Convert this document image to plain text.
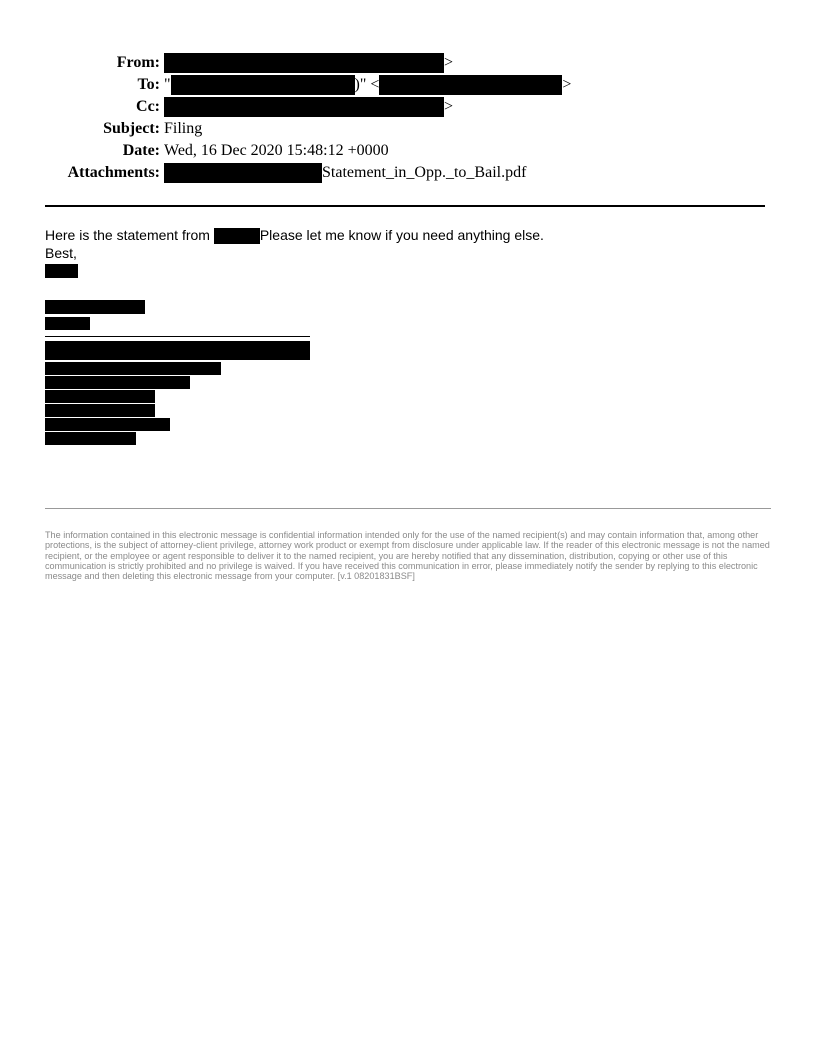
From:	>
To: "	)" <	>
Cc:	>
Subject: Filing
Date: Wed, 16 Dec 2020 15:48:12 +0000
Attachments:	Statement_in_Opp._to_Bail.pdf
Here is the statement from	Please let me know if you need anything else.
Best,
The information contained in this electronic message is confidential information intended only for the use of the named recipient(s) and may contain information that, among other protections, is the subject of attorney-client privilege, attorney work product or exempt from disclosure under applicable law. If the reader of this electronic message is not the named recipient, or the employee or agent responsible to deliver it to the named recipient, you are hereby notified that any dissemination, distribution, copying or other use of this communication is strictly prohibited and no privilege is waived. If you have received this communication in error, please immediately notify the sender by replying to this electronic message and then deleting this electronic message from your computer. [v.1 08201831BSF]
